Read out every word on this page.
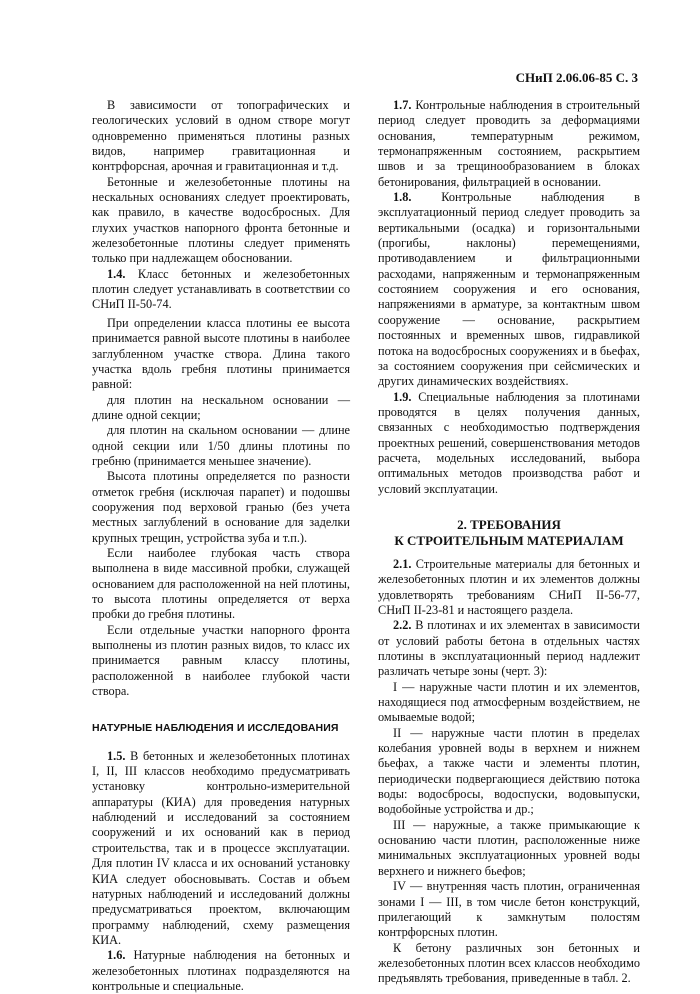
СНиП 2.06.06-85 С. 3

В зависимости от топографических и геологических условий в одном створе могут одновременно применяться плотины разных видов, например гравитационная и контрфорсная, арочная и гравитационная и т.д.

Бетонные и железобетонные плотины на нескальных основаниях следует проектировать, как правило, в качестве водосбросных. Для глухих участков напорного фронта бетонные и железобетонные плотины следует применять только при надлежащем обосновании.

1.4. Класс бетонных и железобетонных плотин следует устанавливать в соответствии со СНиП II-50-74.

При определении класса плотины ее высота принимается равной высоте плотины в наиболее заглубленном участке створа. Длина такого участка вдоль гребня плотины принимается равной:

для плотин на нескальном основании — длине одной секции;

для плотин на скальном основании — длине одной секции или 1/50 длины плотины по гребню (принимается меньшее значение).

Высота плотины определяется по разности отметок гребня (исключая парапет) и подошвы сооружения под верховой гранью (без учета местных заглублений в основание для заделки крупных трещин, устройства зуба и т.п.).

Если наиболее глубокая часть створа выполнена в виде массивной пробки, служащей основанием для расположенной на ней плотины, то высота плотины определяется от верха пробки до гребня плотины.

Если отдельные участки напорного фронта выполнены из плотин разных видов, то класс их принимается равным классу плотины, расположенной в наиболее глубокой части створа.

НАТУРНЫЕ НАБЛЮДЕНИЯ И ИССЛЕДОВАНИЯ

1.5. В бетонных и железобетонных плотинах I, II, III классов необходимо предусматривать установку контрольно-измерительной аппаратуры (КИА) для проведения натурных наблюдений и исследований за состоянием сооружений и их оснований как в период строительства, так и в процессе эксплуатации. Для плотин IV класса и их оснований установку КИА следует обосновывать. Состав и объем натурных наблюдений и исследований должны предусматриваться проектом, включающим программу наблюдений, схему размещения КИА.

1.6. Натурные наблюдения на бетонных и железобетонных плотинах подразделяются на контрольные и специальные.

1.7. Контрольные наблюдения в строительный период следует проводить за деформациями основания, температурным режимом, термонапряженным состоянием, раскрытием швов и за трещинообразованием в блоках бетонирования, фильтрацией в основании.

1.8. Контрольные наблюдения в эксплуатационный период следует проводить за вертикальными (осадка) и горизонтальными (прогибы, наклоны) перемещениями, противодавлением и фильтрационными расходами, напряженным и термонапряженным состоянием сооружения и его основания, напряжениями в арматуре, за контактным швом сооружение — основание, раскрытием постоянных и временных швов, гидравликой потока на водосбросных сооружениях и в бьефах, за состоянием сооружения при сейсмических и других динамических воздействиях.

1.9. Специальные наблюдения за плотинами проводятся в целях получения данных, связанных с необходимостью подтверждения проектных решений, совершенствования методов расчета, модельных исследований, выбора оптимальных методов производства работ и условий эксплуатации.

2. ТРЕБОВАНИЯ
К СТРОИТЕЛЬНЫМ МАТЕРИАЛАМ

2.1. Строительные материалы для бетонных и железобетонных плотин и их элементов должны удовлетворять требованиям СНиП II-56-77, СНиП II-23-81 и настоящего раздела.

2.2. В плотинах и их элементах в зависимости от условий работы бетона в отдельных частях плотины в эксплуатационный период надлежит различать четыре зоны (черт. 3):

I — наружные части плотин и их элементов, находящиеся под атмосферным воздействием, не омываемые водой;

II — наружные части плотин в пределах колебания уровней воды в верхнем и нижнем бьефах, а также части и элементы плотин, периодически подвергающиеся действию потока воды: водосбросы, водоспуски, водовыпуски, водобойные устройства и др.;

III — наружные, а также примыкающие к основанию части плотин, расположенные ниже минимальных эксплуатационных уровней воды верхнего и нижнего бьефов;

IV — внутренняя часть плотин, ограниченная зонами I — III, в том числе бетон конструкций, прилегающий к замкнутым полостям контрфорсных плотин.

К бетону различных зон бетонных и железобетонных плотин всех классов необходимо предъявлять требования, приведенные в табл. 2.
